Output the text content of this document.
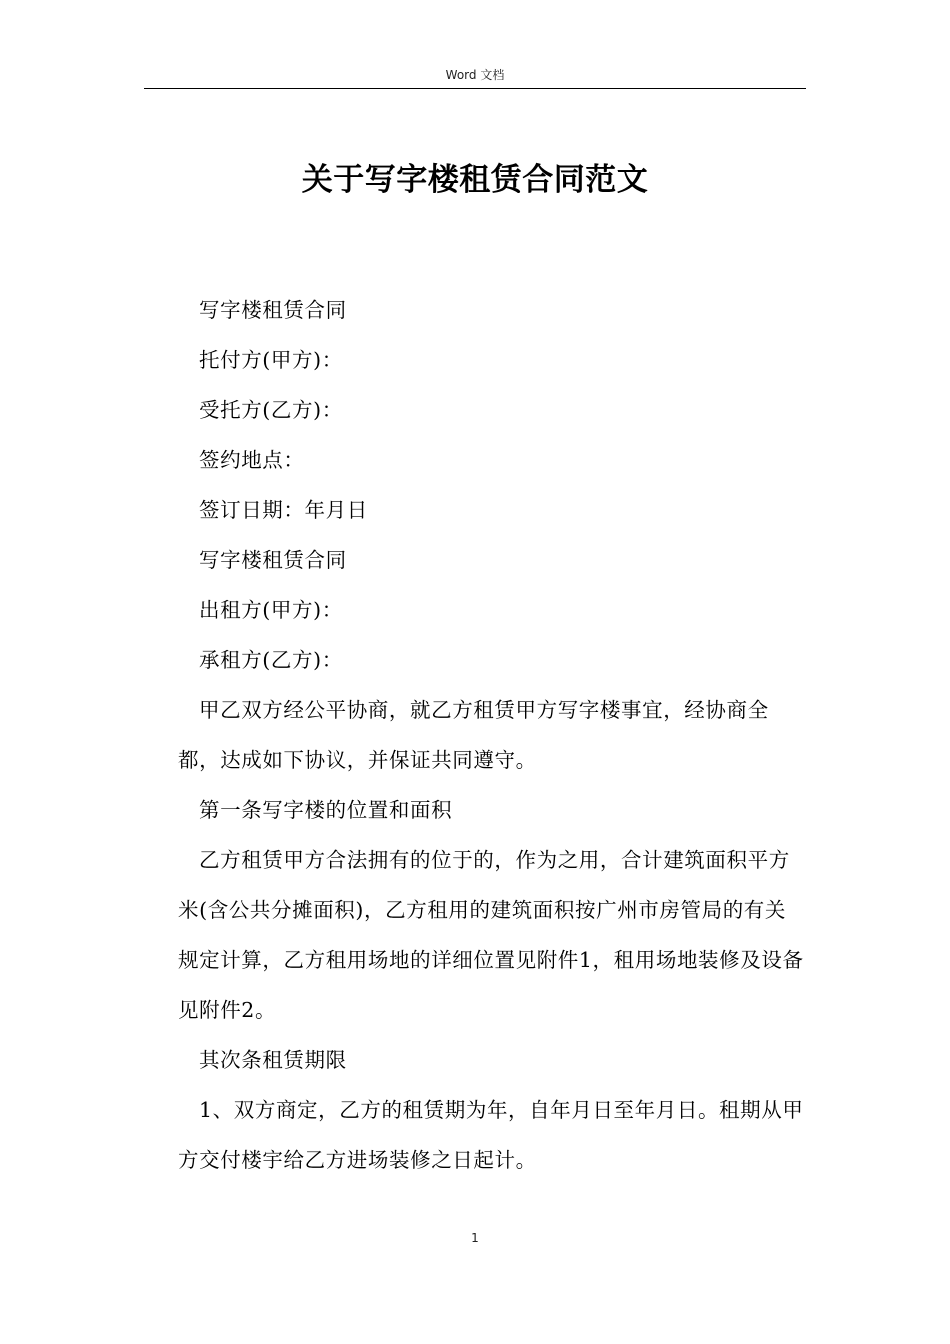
Word 文档
关于写字楼租赁合同范文

写字楼租赁合同

托付方(甲方)：

受托方(乙方)：

签约地点：

签订日期：年月日

写字楼租赁合同

出租方(甲方)：

承租方(乙方)：

甲乙双方经公平协商，就乙方租赁甲方写字楼事宜，经协商全都，达成如下协议，并保证共同遵守。

第一条写字楼的位置和面积

乙方租赁甲方合法拥有的位于的，作为之用，合计建筑面积平方米(含公共分摊面积)，乙方租用的建筑面积按广州市房管局的有关规定计算，乙方租用场地的详细位置见附件1，租用场地装修及设备见附件2。

其次条租赁期限

1、双方商定，乙方的租赁期为年，自年月日至年月日。租期从甲方交付楼宇给乙方进场装修之日起计。

1
